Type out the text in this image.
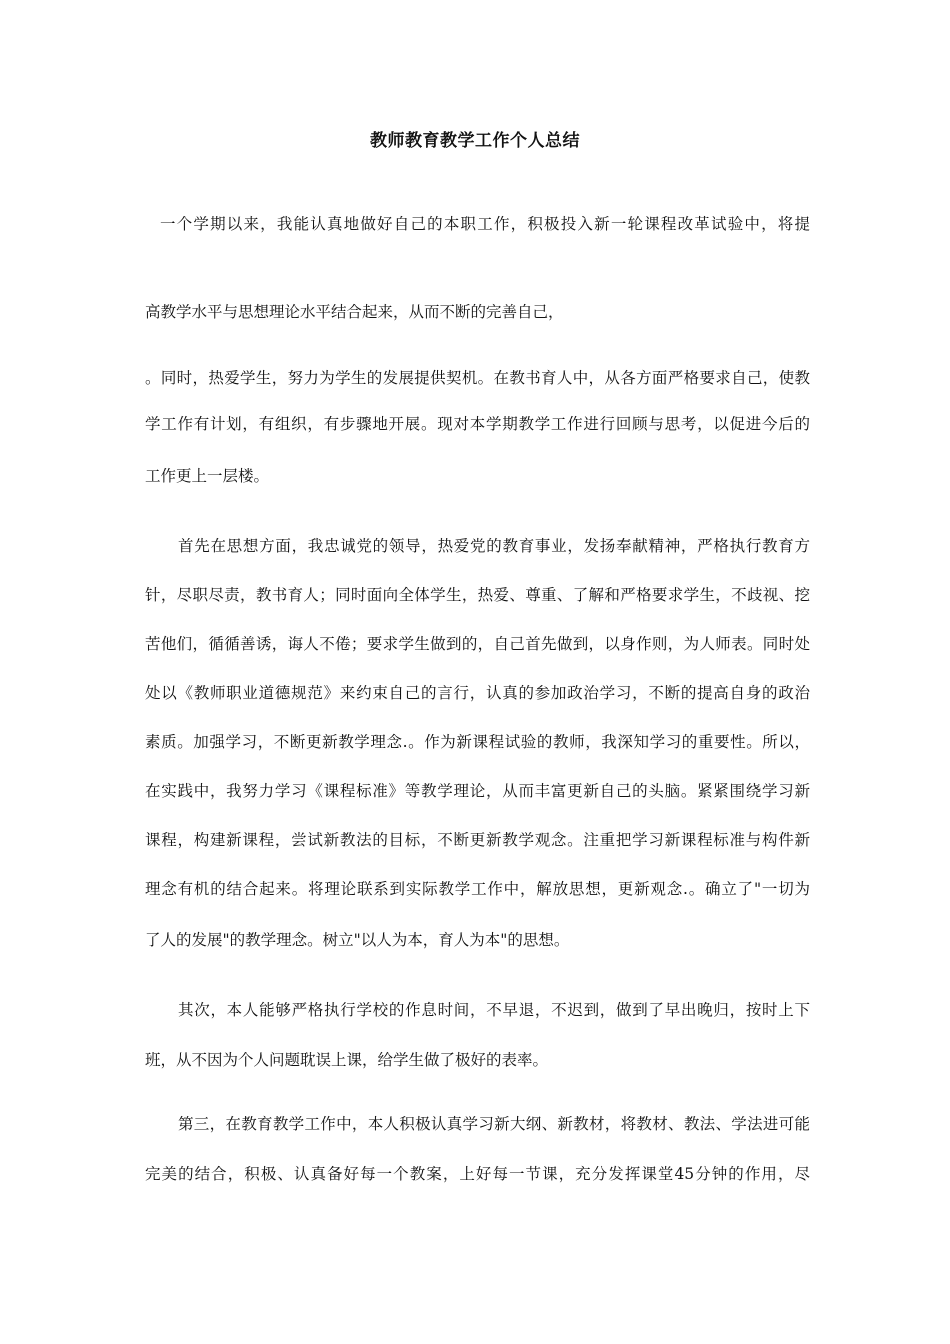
教师教育教学工作个人总结
一个学期以来，我能认真地做好自己的本职工作，积极投入新一轮课程改革试验中，将提
高教学水平与思想理论水平结合起来，从而不断的完善自己，
。同时，热爱学生，努力为学生的发展提供契机。在教书育人中，从各方面严格要求自己，使教
学工作有计划，有组织，有步骤地开展。现对本学期教学工作进行回顾与思考，以促进今后的
工作更上一层楼。
首先在思想方面，我忠诚党的领导，热爱党的教育事业，发扬奉献精神，严格执行教育方
针，尽职尽责，教书育人；同时面向全体学生，热爱、尊重、了解和严格要求学生，不歧视、挖
苦他们，循循善诱，诲人不倦；要求学生做到的，自己首先做到，以身作则，为人师表。同时处
处以《教师职业道德规范》来约束自己的言行，认真的参加政治学习，不断的提高自身的政治
素质。加强学习，不断更新教学理念.。作为新课程试验的教师，我深知学习的重要性。所以，
在实践中，我努力学习《课程标准》等教学理论，从而丰富更新自己的头脑。紧紧围绕学习新
课程，构建新课程，尝试新教法的目标，不断更新教学观念。注重把学习新课程标准与构件新
理念有机的结合起来。将理论联系到实际教学工作中，解放思想，更新观念.。确立了"一切为
了人的发展"的教学理念。树立"以人为本，育人为本"的思想。
其次，本人能够严格执行学校的作息时间，不早退，不迟到，做到了早出晚归，按时上下
班，从不因为个人问题耽误上课，给学生做了极好的表率。
第三，在教育教学工作中，本人积极认真学习新大纲、新教材，将教材、教法、学法进可能
完美的结合，积极、认真备好每一个教案，上好每一节课，充分发挥课堂45分钟的作用，尽
